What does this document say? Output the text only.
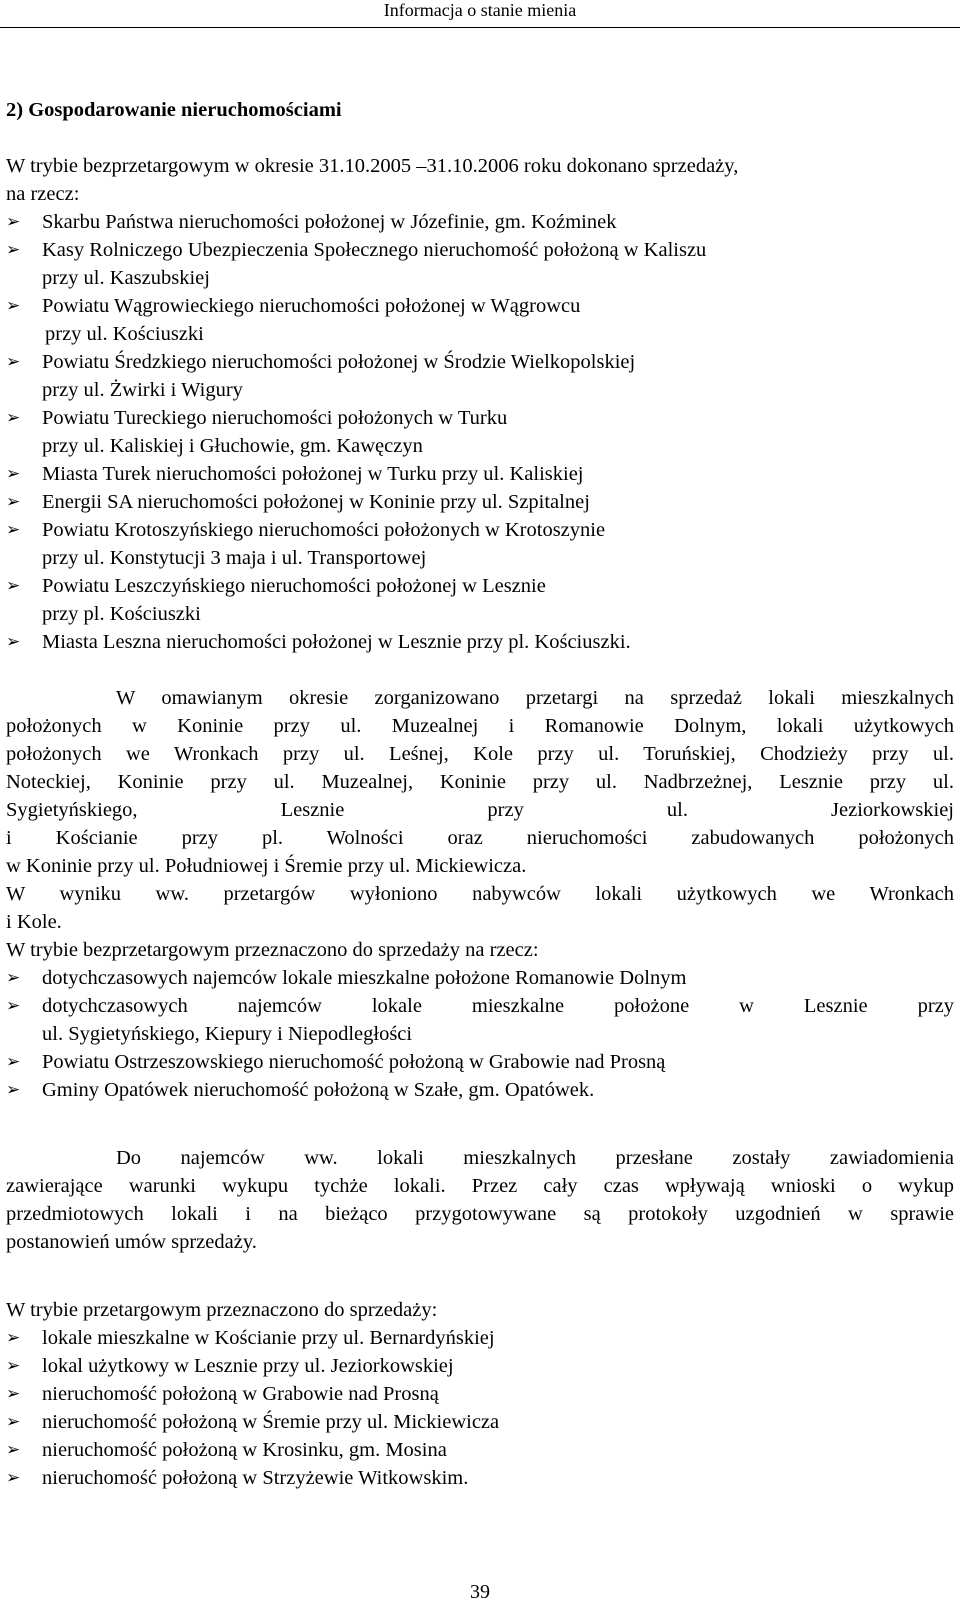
Informacja o stanie mienia
2) Gospodarowanie nieruchomościami
W trybie bezprzetargowym w okresie 31.10.2005 –31.10.2006 roku dokonano sprzedaży,
na rzecz:
➢ Skarbu Państwa nieruchomości położonej w Józefinie, gm. Koźminek
➢ Kasy Rolniczego Ubezpieczenia Społecznego nieruchomość położoną w Kaliszu
przy ul. Kaszubskiej
➢ Powiatu Wągrowieckiego nieruchomości położonej w Wągrowcu
przy ul. Kościuszki
➢ Powiatu Średzkiego nieruchomości położonej w Środzie Wielkopolskiej
przy ul. Żwirki i Wigury
➢ Powiatu Tureckiego nieruchomości położonych w Turku
przy ul. Kaliskiej i Głuchowie, gm. Kawęczyn
➢ Miasta Turek nieruchomości położonej w Turku przy ul. Kaliskiej
➢ Energii SA nieruchomości położonej w Koninie przy ul. Szpitalnej
➢ Powiatu Krotoszyńskiego nieruchomości położonych w Krotoszynie
przy ul. Konstytucji 3 maja i ul. Transportowej
➢ Powiatu Leszczyńskiego nieruchomości położonej w Lesznie
przy pl. Kościuszki
➢ Miasta Leszna nieruchomości położonej w Lesznie przy pl. Kościuszki.
W omawianym okresie zorganizowano przetargi na sprzedaż lokali mieszkalnych
położonych w Koninie przy ul. Muzealnej i Romanowie Dolnym, lokali użytkowych
położonych we Wronkach przy ul. Leśnej, Kole przy ul. Toruńskiej, Chodzieży przy ul.
Noteckiej, Koninie przy ul. Muzealnej, Koninie przy ul. Nadbrzeżnej, Lesznie przy ul.
Sygietyńskiego, Lesznie przy ul. Jeziorkowskiej
i Kościanie przy pl. Wolności oraz nieruchomości zabudowanych położonych
w Koninie przy ul. Południowej i Śremie przy ul. Mickiewicza.
W wyniku ww. przetargów wyłoniono nabywców lokali użytkowych we Wronkach
i Kole.
W trybie bezprzetargowym przeznaczono do sprzedaży na rzecz:
➢ dotychczasowych najemców lokale mieszkalne położone Romanowie Dolnym
➢ dotychczasowych najemców lokale mieszkalne położone w Lesznie przy
ul. Sygietyńskiego, Kiepury i Niepodległości
➢ Powiatu Ostrzeszowskiego nieruchomość położoną w Grabowie nad Prosną
➢ Gminy Opatówek nieruchomość położoną w Szałe, gm. Opatówek.
Do najemców ww. lokali mieszkalnych przesłane zostały zawiadomienia
zawierające warunki wykupu tychże lokali. Przez cały czas wpływają wnioski o wykup
przedmiotowych lokali i na bieżąco przygotowywane są protokoły uzgodnień w sprawie
postanowień umów sprzedaży.
W trybie przetargowym przeznaczono do sprzedaży:
➢ lokale mieszkalne w Kościanie przy ul. Bernardyńskiej
➢ lokal użytkowy w Lesznie przy ul. Jeziorkowskiej
➢ nieruchomość położoną w Grabowie nad Prosną
➢ nieruchomość położoną w Śremie przy ul. Mickiewicza
➢ nieruchomość położoną w Krosinku, gm. Mosina
➢ nieruchomość położoną w Strzyżewie Witkowskim.
39
